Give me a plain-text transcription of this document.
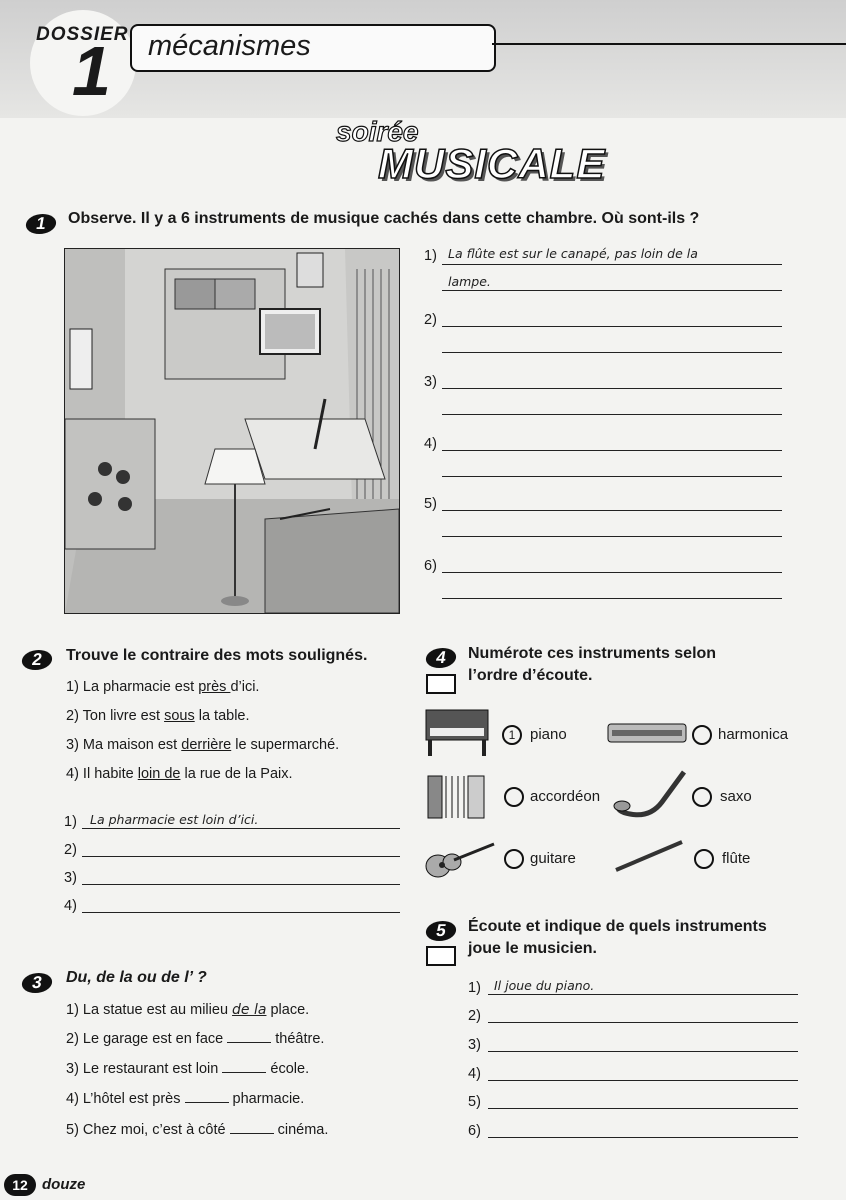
DOSSIER
1 mécanismes
soirée
MUSICALE
1	Observe. Il y a 6 instruments de musique cachés dans cette chambre. Où sont-ils ?
1) La flûte est sur le canapé, pas loin de la
lampe.
2)
3)
4)
5)
6)
2	Trouve le contraire des mots soulignés.
1) La pharmacie est près d’ici.
2) Ton livre est sous la table.
3) Ma maison est derrière le supermarché.
4) Il habite loin de la rue de la Paix.
1) La pharmacie est loin d’ici.
2)
3)
4)
3	Du, de la ou de l’ ?
1) La statue est au milieu de la place.
2) Le garage est en face	théâtre.
3) Le restaurant est loin	école.
4) L’hôtel est près	pharmacie.
5) Chez moi, c’est à côté	cinéma.
4	Numérote ces instruments selon
l’ordre d’écoute.
1 piano	harmonica
accordéon	saxo
guitare	flûte
5	Écoute et indique de quels instruments
joue le musicien.
1) Il joue du piano.
2)
3)
4)
5)
6)
12 douze
